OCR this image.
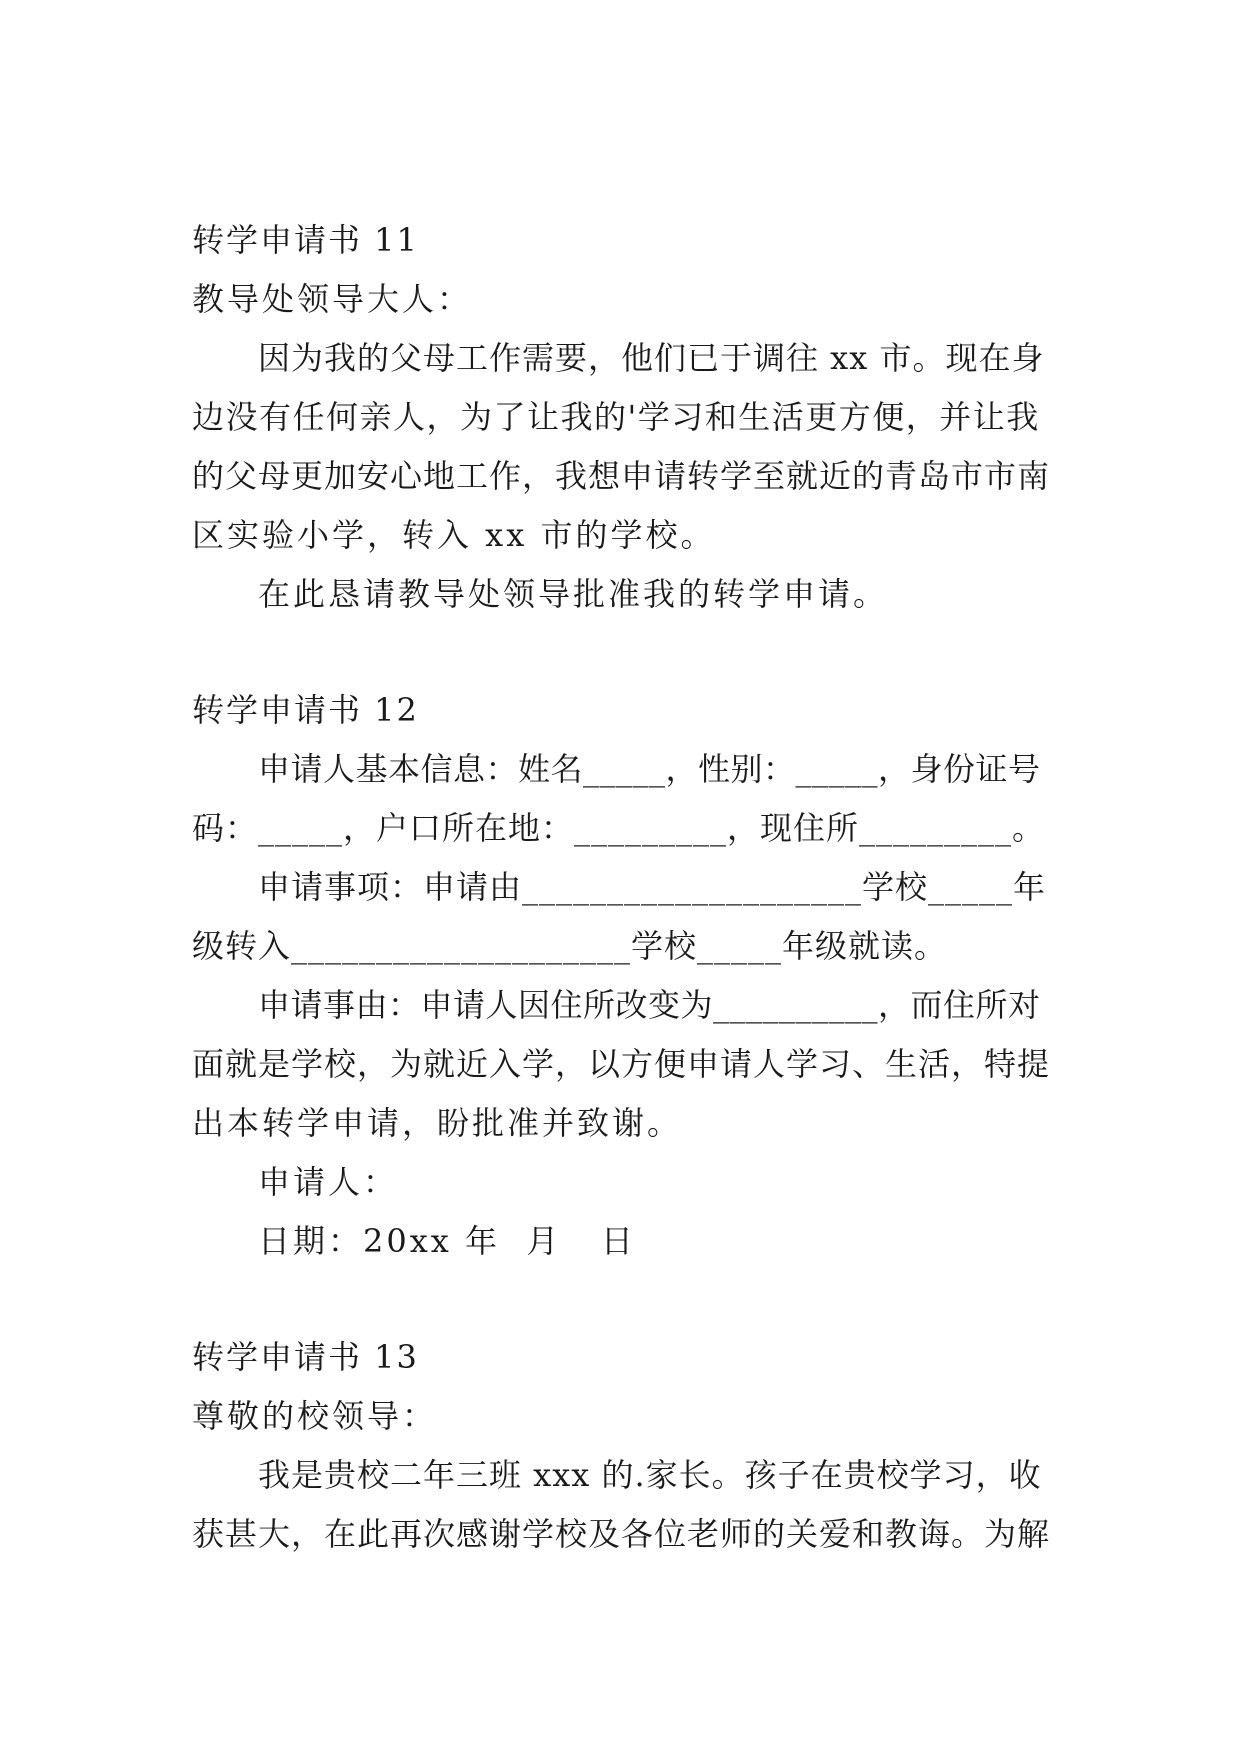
转学申请书 11
教导处领导大人：
因为我的父母工作需要，他们已于调往 xx 市。现在身
边没有任何亲人，为了让我的'学习和生活更方便，并让我
的父母更加安心地工作，我想申请转学至就近的青岛市市南
区实验小学，转入 xx 市的学校。
在此恳请教导处领导批准我的转学申请。
转学申请书 12
申请人基本信息：姓名_____，性别：_____，身份证号
码：_____，户口所在地：_________，现住所_________。
申请事项：申请由____________________学校_____年
级转入____________________学校_____年级就读。
申请事由：申请人因住所改变为__________，而住所对
面就是学校，为就近入学，以方便申请人学习、生活，特提
出本转学申请，盼批准并致谢。
申请人：
日期：20xx 年  月   日
转学申请书 13
尊敬的校领导：
我是贵校二年三班 xxx 的.家长。孩子在贵校学习，收
获甚大，在此再次感谢学校及各位老师的关爱和教诲。为解
